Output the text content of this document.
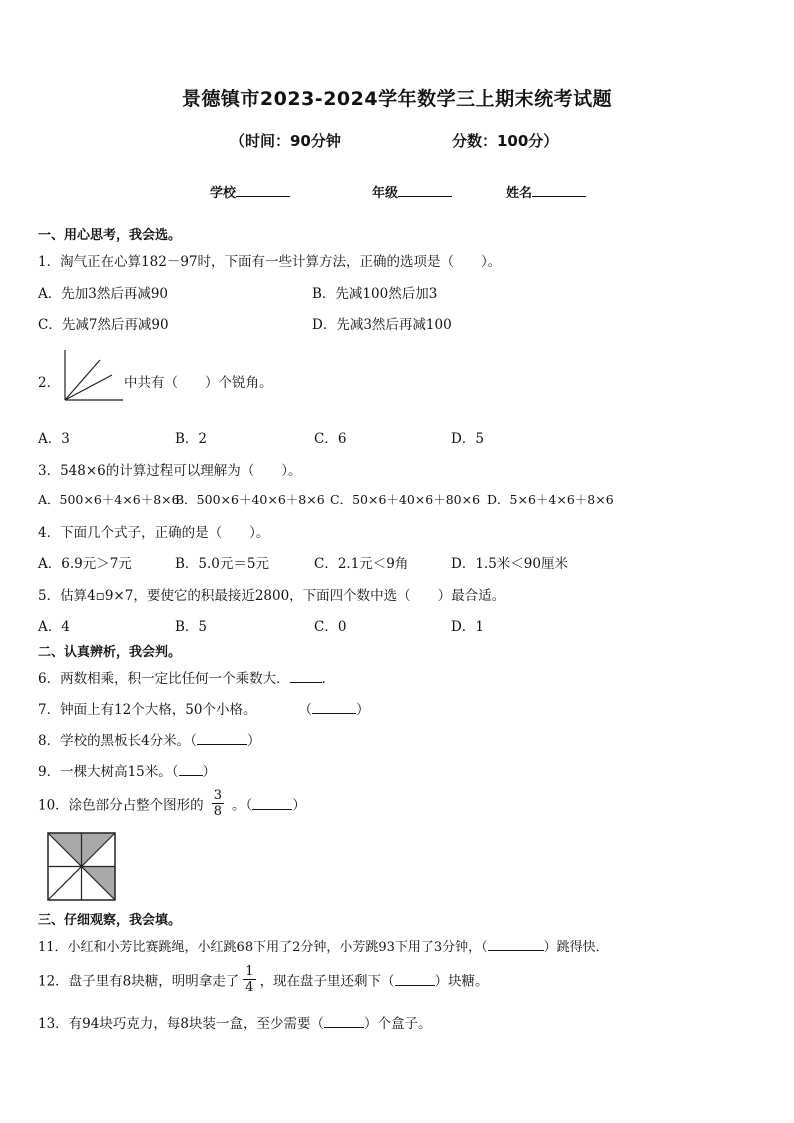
景德镇市2023-2024学年数学三上期末统考试题
（时间：90分钟	分数：100分）
学校	年级	姓名
一、用心思考，我会选。
1．淘气正在心算182－97时，下面有一些计算方法，正确的选项是（　　）。
A．先加3然后再减90	B．先减100然后加3
C．先减7然后再减90	D．先减3然后再减100
2．	中共有（　　）个锐角。
A．3	B．2	C．6	D．5
3．548×6的计算过程可以理解为（　　）。
A．500×6＋4×6＋8×6
B．500×6＋40×6＋8×6 C．50×6＋40×6＋80×6 D．5×6＋4×6＋8×6
4．下面几个式子，正确的是（　　）。
A．6.9元＞7元	B．5.0元＝5元	C．2.1元＜9角	D．1.5米＜90厘米
5．估算4▫9×7，要使它的积最接近2800，下面四个数中选（　　）最合适。
A．4	B．5	C．0	D．1
二、认真辨析，我会判。
6．两数相乘，积一定比任何一个乘数大． ．
7．钟面上有12个大格，50个小格。	（	）
8．学校的黑板长4分米。（	）
9．一棵大树高15米。（ ）
10．涂色部分占整个图形的 $\frac{3}{8}$ 。（	）
三、仔细观察，我会填。
11．小红和小芳比赛跳绳，小红跳68下用了2分钟，小芳跳93下用了3分钟，（	）跳得快．
12．盘子里有8块糖，明明拿走了 $\frac{1}{4}$ ，现在盘子里还剩下（	）块糖。
13．有94块巧克力，每8块装一盒，至少需要（	）个盒子。
